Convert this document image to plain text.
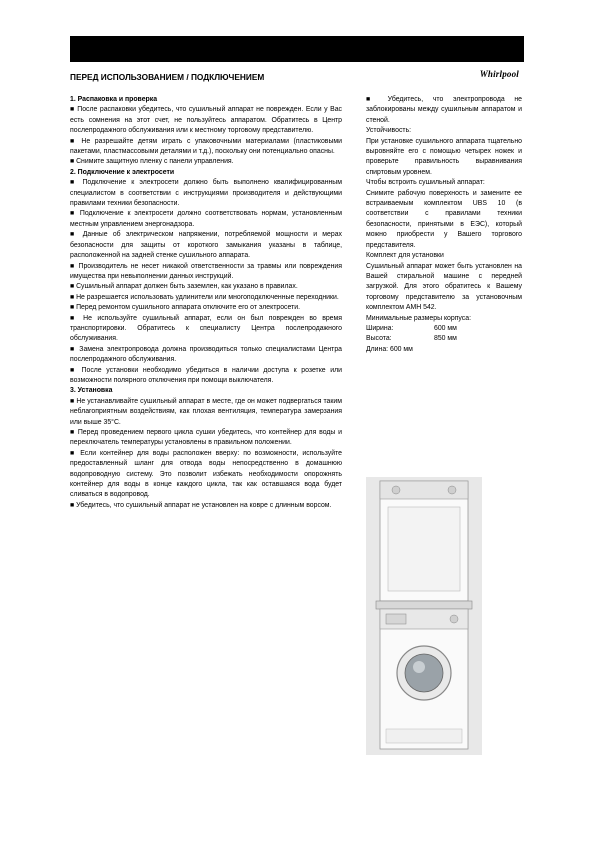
Whirlpool
ПЕРЕД ИСПОЛЬЗОВАНИЕМ / ПОДКЛЮЧЕНИЕМ

1. Распаковка и проверка

■ После распаковки убедитесь, что сушильный аппарат не поврежден. Если у Вас есть сомнения на этот счет, не пользуйтесь аппаратом. Обратитесь в Центр послепродажного обслуживания или к местному торговому представителю.

■ Не разрешайте детям играть с упаковочными материалами (пластиковыми пакетами, пластмассовыми деталями и т.д.), поскольку они потенциально опасны.

■ Снимите защитную пленку с панели управления.

2. Подключение к электросети

■ Подключение к электросети должно быть выполнено квалифицированным специалистом в соответствии с инструкциями производителя и действующими правилами техники безопасности.

■ Подключение к электросети должно соответствовать нормам, установленным местным управлением энергонадзора.

■ Данные об электрическом напряжении, потребляемой мощности и мерах безопасности для защиты от короткого замыкания указаны в таблице, расположенной на задней стенке сушильного аппарата.

■ Производитель не несет никакой ответственности за травмы или повреждения имущества при невыполнении данных инструкций.

■ Сушильный аппарат должен быть заземлен, как указано в правилах.

■ Не разрешается использовать удлинители или многоподключенные переходники.

■ Перед ремонтом сушильного аппарата отключите его от электросети.

■ Не используйте сушильный аппарат, если он был поврежден во время транспортировки. Обратитесь к специалисту Центра послепродажного обслуживания.

■ Замена электропровода должна производиться только специалистами Центра послепродажного обслуживания.

■ После установки необходимо убедиться в наличии доступа к розетке или возможности полярного отключения при помощи выключателя.

3. Установка

■ Не устанавливайте сушильный аппарат в месте, где он может подвергаться таким неблагоприятным воздействиям, как плохая вентиляция, температура замерзания или выше 35°С.

■ Перед проведением первого цикла сушки убедитесь, что контейнер для воды и переключатель температуры установлены в правильном положении.

■ Если контейнер для воды расположен вверху: по возможности, используйте предоставленный шланг для отвода воды непосредственно в домашнюю водопроводную систему. Это позволит избежать необходимости опорожнять контейнер для воды в конце каждого цикла, так как оставшаяся вода будет сливаться в водопровод.

■ Убедитесь, что сушильный аппарат не установлен на ковре с длинным ворсом.

■ Убедитесь, что электропровода не заблокированы между сушильным аппаратом и стеной.

Устойчивость:

При установке сушильного аппарата тщательно выровняйте его с помощью четырех ножек и проверьте правильность выравнивания спиртовым уровнем.

Чтобы встроить сушильный аппарат:

Снимите рабочую поверхность и замените ее встраиваемым комплектом UBS 10 (в соответствии с правилами техники безопасности, принятыми в ЕЭС), который можно приобрести у Вашего торгового представителя.

Комплект для установки

Сушильный аппарат может быть установлен на Вашей стиральной машине с передней загрузкой. Для этого обратитесь к Вашему торговому представителю за установочным комплектом AMH 542.

Минимальные размеры корпуса:

Ширина:	600 мм
Высота:	850 мм

Длина: 600 мм
